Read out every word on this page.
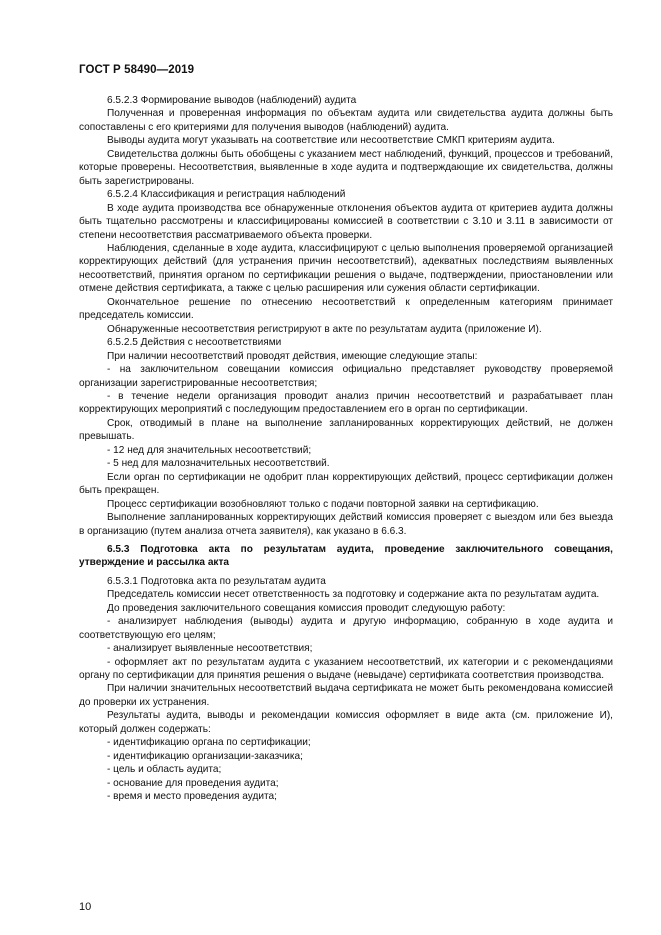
ГОСТ Р 58490—2019

6.5.2.3 Формирование выводов (наблюдений) аудита

Полученная и проверенная информация по объектам аудита или свидетельства аудита должны быть сопоставлены с его критериями для получения выводов (наблюдений) аудита.

Выводы аудита могут указывать на соответствие или несоответствие СМКП критериям аудита.

Свидетельства должны быть обобщены с указанием мест наблюдений, функций, процессов и требований, которые проверены. Несоответствия, выявленные в ходе аудита и подтверждающие их свидетельства, должны быть зарегистрированы.

6.5.2.4 Классификация и регистрация наблюдений

В ходе аудита производства все обнаруженные отклонения объектов аудита от критериев аудита должны быть тщательно рассмотрены и классифицированы комиссией в соответствии с 3.10 и 3.11 в зависимости от степени несоответствия рассматриваемого объекта проверки.

Наблюдения, сделанные в ходе аудита, классифицируют с целью выполнения проверяемой организацией корректирующих действий (для устранения причин несоответствий), адекватных последствиям выявленных несоответствий, принятия органом по сертификации решения о выдаче, подтверждении, приостановлении или отмене действия сертификата, а также с целью расширения или сужения области сертификации.

Окончательное решение по отнесению несоответствий к определенным категориям принимает председатель комиссии.

Обнаруженные несоответствия регистрируют в акте по результатам аудита (приложение И).

6.5.2.5 Действия с несоответствиями

При наличии несоответствий проводят действия, имеющие следующие этапы:

- на заключительном совещании комиссия официально представляет руководству проверяемой организации зарегистрированные несоответствия;

- в течение недели организация проводит анализ причин несоответствий и разрабатывает план корректирующих мероприятий с последующим предоставлением его в орган по сертификации.

Срок, отводимый в плане на выполнение запланированных корректирующих действий, не должен превышать.

- 12 нед для значительных несоответствий;

- 5 нед для малозначительных несоответствий.

Если орган по сертификации не одобрит план корректирующих действий, процесс сертификации должен быть прекращен.

Процесс сертификации возобновляют только с подачи повторной заявки на сертификацию.

Выполнение запланированных корректирующих действий комиссия проверяет с выездом или без выезда в организацию (путем анализа отчета заявителя), как указано в 6.6.3.

6.5.3 Подготовка акта по результатам аудита, проведение заключительного совещания, утверждение и рассылка акта

6.5.3.1 Подготовка акта по результатам аудита

Председатель комиссии несет ответственность за подготовку и содержание акта по результатам аудита.

До проведения заключительного совещания комиссия проводит следующую работу:

- анализирует наблюдения (выводы) аудита и другую информацию, собранную в ходе аудита и соответствующую его целям;

- анализирует выявленные несоответствия;

- оформляет акт по результатам аудита с указанием несоответствий, их категории и с рекомендациями органу по сертификации для принятия решения о выдаче (невыдаче) сертификата соответствия производства.

При наличии значительных несоответствий выдача сертификата не может быть рекомендована комиссией до проверки их устранения.

Результаты аудита, выводы и рекомендации комиссия оформляет в виде акта (см. приложение И), который должен содержать:

- идентификацию органа по сертификации;

- идентификацию организации-заказчика;

- цель и область аудита;

- основание для проведения аудита;

- время и место проведения аудита;

10
